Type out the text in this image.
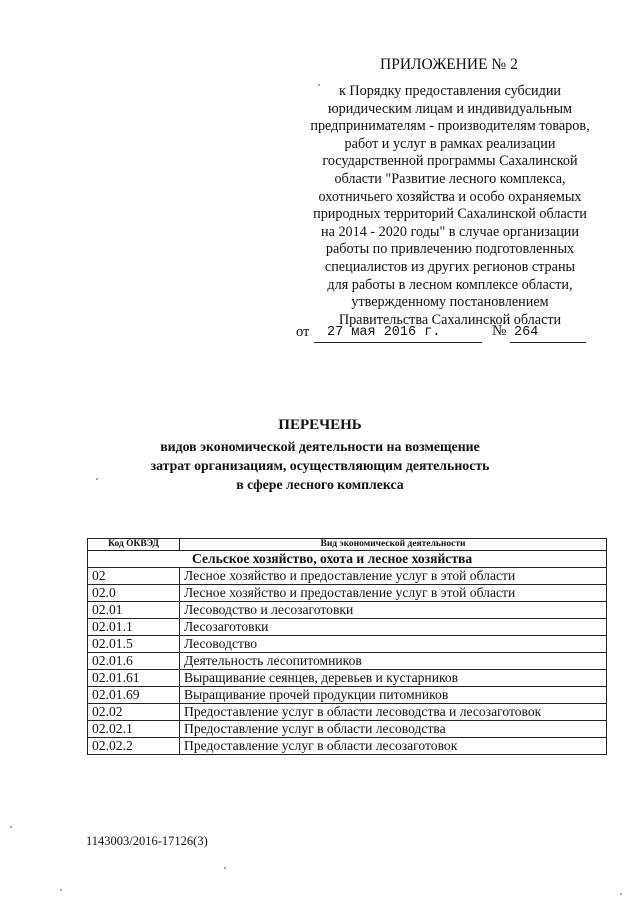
ПРИЛОЖЕНИЕ № 2
к Порядку предоставления субсидии
юридическим лицам и индивидуальным
предпринимателям - производителям товаров,
работ и услуг в рамках реализации
государственной программы Сахалинской
области "Развитие лесного комплекса,
охотничьего хозяйства и особо охраняемых
природных территорий Сахалинской области
на 2014 - 2020 годы" в случае организации
работы по привлечению подготовленных
специалистов из других регионов страны
для работы в лесном комплексе области,
утвержденному постановлением
Правительства Сахалинской области
от	27 мая 2016 г.	№ 264
ПЕРЕЧЕНЬ
видов экономической деятельности на возмещение
затрат организациям, осуществляющим деятельность
в сфере лесного комплекса
Код ОКВЭД	Вид экономической деятельности
Сельское хозяйство, охота и лесное хозяйства	
02	Лесное хозяйство и предоставление услуг в этой области
02.0	Лесное хозяйство и предоставление услуг в этой области
02.01	Лесоводство и лесозаготовки
02.01.1	Лесозаготовки
02.01.5	Лесоводство
02.01.6	Деятельность лесопитомников
02.01.61	Выращивание сеянцев, деревьев и кустарников
02.01.69	Выращивание прочей продукции питомников
02.02	Предоставление услуг в области лесоводства и лесозаготовок
02.02.1	Предоставление услуг в области лесоводства
02.02.2	Предоставление услуг в области лесозаготовок
1143003/2016-17126(3)
